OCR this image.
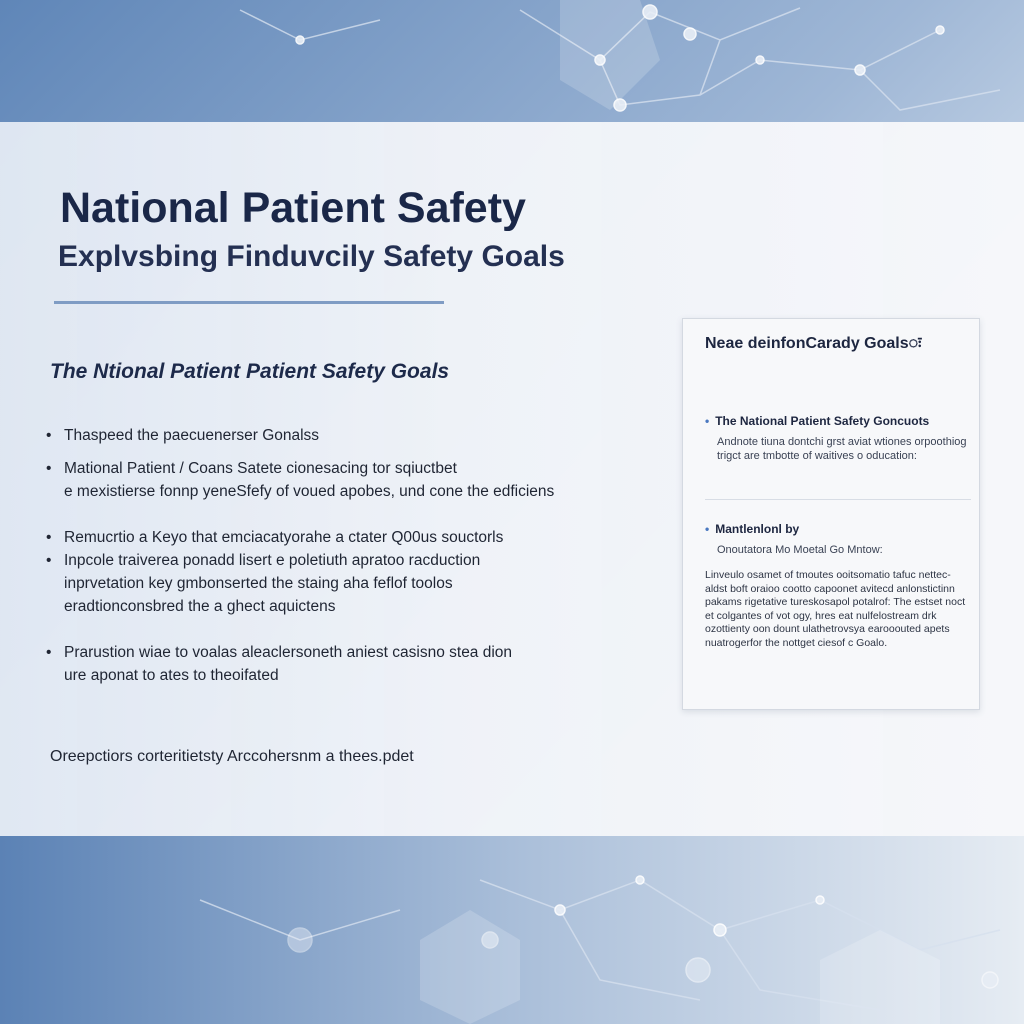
National Patient Safety
Explvsbing Finduvcily Safety Goals
The Ntional Patient Patient Safety Goals
• Thaspeed the paecuenerser Gonalss
• Mational Patient / Coans Satete cionesacing tor sqiuctbet
e mexistierse fonnp yeneSfefy of voued apobes, und cone the edficiens
• Remucrtio a Keyo that emciacatyorahe a ctater Q00us souctorls
• Inpcole traiverea ponadd lisert e poletiuth apratoo racduction
inprvetation key gmbonserted the staing aha feflof toolos
eradtionconsbred the a ghect aquictens
• Prarustion wiae to voalas aleaclersoneth aniest casisno stea dion
ure aponat to ates to theoifated

Oreepctiors corteritietsty Arccohersnm a thees.pdet

Neae deinfonCarady Goalsः
• The National Patient Safety Goncuots
Andnote tiuna dontchi grst aviat wtiones orpoothiog trigct are tmbotte of waitives o oducation:
• Mantlenlonl by
Onoutatora Mo Moetal Go Mntow:

Linveulo osamet of tmoutes ooitsomatio tafuc nettec-aldst boft oraioo cootto capoonet avitecd anlonstictinn pakams rigetative tureskosapol potalrof: The estset noct et colgantes of vot ogy, hres eat nulfelostream drk ozottienty oon dount ulathetrovsya earooouted apets nuatrogerfor the nottget ciesof c Goalo.
